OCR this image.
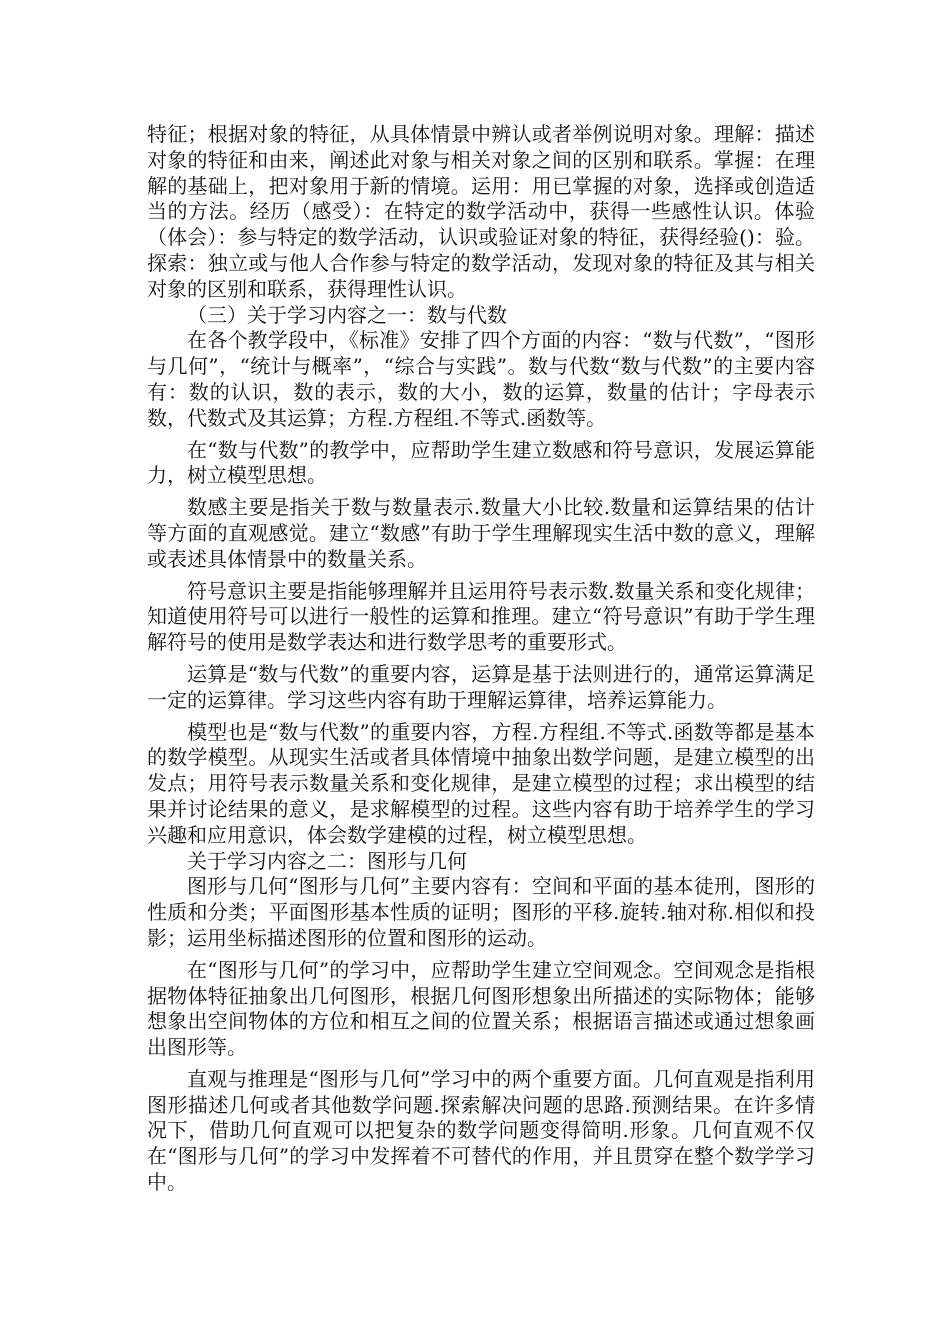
特征；根据对象的特征，从具体情景中辨认或者举例说明对象。理解：描述对象的特征和由来，阐述此对象与相关对象之间的区别和联系。掌握：在理解的基础上，把对象用于新的情境。运用：用已掌握的对象，选择或创造适当的方法。经历（感受）：在特定的数学活动中，获得一些感性认识。体验（体会）：参与特定的数学活动，认识或验证对象的特征，获得经验()：验。探索：独立或与他人合作参与特定的数学活动，发现对象的特征及其与相关对象的区别和联系，获得理性认识。

（三）关于学习内容之一：数与代数

在各个教学段中，《标准》安排了四个方面的内容：“数与代数”，“图形与几何”，“统计与概率”，“综合与实践”。数与代数“数与代数”的主要内容有：数的认识，数的表示，数的大小，数的运算，数量的估计；字母表示数，代数式及其运算；方程.方程组.不等式.函数等。

在“数与代数”的教学中，应帮助学生建立数感和符号意识，发展运算能力，树立模型思想。

数感主要是指关于数与数量表示.数量大小比较.数量和运算结果的估计等方面的直观感觉。建立“数感”有助于学生理解现实生活中数的意义，理解或表述具体情景中的数量关系。

符号意识主要是指能够理解并且运用符号表示数.数量关系和变化规律；知道使用符号可以进行一般性的运算和推理。建立“符号意识”有助于学生理解符号的使用是数学表达和进行数学思考的重要形式。

运算是“数与代数”的重要内容，运算是基于法则进行的，通常运算满足一定的运算律。学习这些内容有助于理解运算律，培养运算能力。

模型也是“数与代数”的重要内容，方程.方程组.不等式.函数等都是基本的数学模型。从现实生活或者具体情境中抽象出数学问题，是建立模型的出发点；用符号表示数量关系和变化规律，是建立模型的过程；求出模型的结果并讨论结果的意义，是求解模型的过程。这些内容有助于培养学生的学习兴趣和应用意识，体会数学建模的过程，树立模型思想。

关于学习内容之二：图形与几何

图形与几何“图形与几何”主要内容有：空间和平面的基本徒刑，图形的性质和分类；平面图形基本性质的证明；图形的平移.旋转.轴对称.相似和投影；运用坐标描述图形的位置和图形的运动。

在“图形与几何”的学习中，应帮助学生建立空间观念。空间观念是指根据物体特征抽象出几何图形，根据几何图形想象出所描述的实际物体；能够想象出空间物体的方位和相互之间的位置关系；根据语言描述或通过想象画出图形等。

直观与推理是“图形与几何”学习中的两个重要方面。几何直观是指利用图形描述几何或者其他数学问题.探索解决问题的思路.预测结果。在许多情况下，借助几何直观可以把复杂的数学问题变得简明.形象。几何直观不仅在“图形与几何”的学习中发挥着不可替代的作用，并且贯穿在整个数学学习中。
